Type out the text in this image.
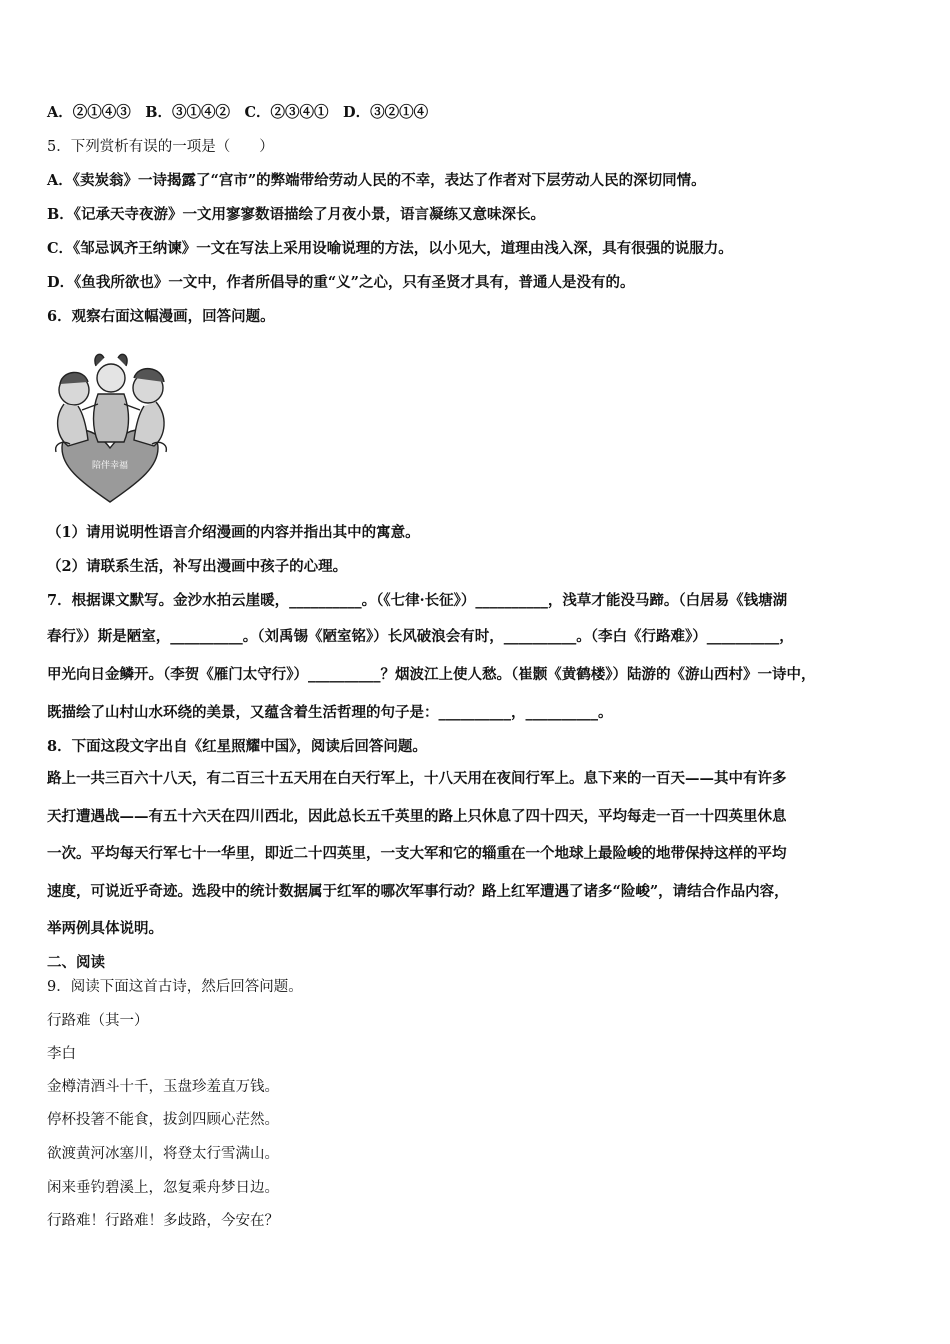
A．②①④③　B．③①④②　C．②③④①　D．③②①④
5．下列赏析有误的一项是（　　）
A．《卖炭翁》一诗揭露了“宫市”的弊端带给劳动人民的不幸，表达了作者对下层劳动人民的深切同情。
B．《记承天寺夜游》一文用寥寥数语描绘了月夜小景，语言凝练又意味深长。
C．《邹忌讽齐王纳谏》一文在写法上采用设喻说理的方法，以小见大，道理由浅入深，具有很强的说服力。
D．《鱼我所欲也》一文中，作者所倡导的重“义”之心，只有圣贤才具有，普通人是没有的。
6．观察右面这幅漫画，回答问题。
陪伴幸福
（1）请用说明性语言介绍漫画的内容并指出其中的寓意。
（2）请联系生活，补写出漫画中孩子的心理。
7．根据课文默写。金沙水拍云崖暖，__________。（《七律·长征》）__________，浅草才能没马蹄。（白居易《钱塘湖
春行》）斯是陋室，__________。（刘禹锡《陋室铭》）长风破浪会有时，__________。（李白《行路难》）__________，
甲光向日金鳞开。（李贺《雁门太守行》）__________？烟波江上使人愁。（崔颢《黄鹤楼》）陆游的《游山西村》一诗中，
既描绘了山村山水环绕的美景，又蕴含着生活哲理的句子是：__________，__________。
8．下面这段文字出自《红星照耀中国》，阅读后回答问题。
路上一共三百六十八天，有二百三十五天用在白天行军上，十八天用在夜间行军上。息下来的一百天——其中有许多
天打遭遇战——有五十六天在四川西北，因此总长五千英里的路上只休息了四十四天，平均每走一百一十四英里休息
一次。平均每天行军七十一华里，即近二十四英里，一支大军和它的辎重在一个地球上最险峻的地带保持这样的平均
速度，可说近乎奇迹。选段中的统计数据属于红军的哪次军事行动？路上红军遭遇了诸多“险峻”，请结合作品内容，
举两例具体说明。
二、阅读
9．阅读下面这首古诗，然后回答问题。
行路难（其一）
李白
金樽清酒斗十千，玉盘珍羞直万钱。
停杯投箸不能食，拔剑四顾心茫然。
欲渡黄河冰塞川，将登太行雪满山。
闲来垂钓碧溪上，忽复乘舟梦日边。
行路难！行路难！多歧路，今安在？
